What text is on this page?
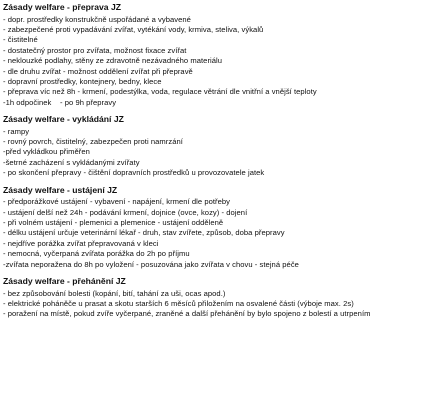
Zásady welfare - přeprava JZ
- dopr. prostředky konstrukčně uspořádané a vybavené
- zabezpečené proti vypadávání zvířat, vytékání vody, krmiva, steliva, výkalů
- čistitelné
- dostatečný prostor pro zvířata, možnost fixace zvířat
- neklouzké podlahy, stěny ze zdravotně nezávadného materiálu
- dle druhu zvířat - možnost oddělení zvířat při přepravě
- dopravní prostředky, kontejnery, bedny, klece
- přeprava víc než 8h - krmení, podestýlka, voda, regulace větrání dle vnitřní a vnější teploty
-1h odpočinek    - po 9h přepravy
Zásady welfare - vykládání JZ
- rampy
- rovný povrch, čistitelný, zabezpečen proti namrzání
-před vykládkou přiměřen
-šetrné zacházení s vykládanými zvířaty
- po skončení přepravy - čištění dopravních prostředků u provozovatele jatek
Zásady welfare - ustájení JZ
- předporážkové ustájení - vybavení - napájení, krmení dle potřeby
- ustájení delší než 24h - podávání krmení, dojnice (ovce, kozy) - dojení
- při volném ustájení - plemenici a plemenice - ustájení odděleně
- délku ustájení určuje veterinární lékař - druh, stav zvířete, způsob, doba přepravy
- nejdříve porážka zvířat přepravovaná v kleci
- nemocná, vyčerpaná zvířata porážka do 2h po příjmu
-zvířata neporažena do 8h po vyložení - posuzována jako zvířata v chovu - stejná péče
Zásady welfare - přehánění JZ
- bez způsobování bolesti (kopání, bití, tahání za uši, ocas apod.)
- elektrické poháněče u prasat a skotu starších 6 měsíců přiložením na osvalené části (výboje max. 2s)
- poražení na místě, pokud zvíře vyčerpané, zraněné a další přehánění by bylo spojeno z bolestí a utrpením
